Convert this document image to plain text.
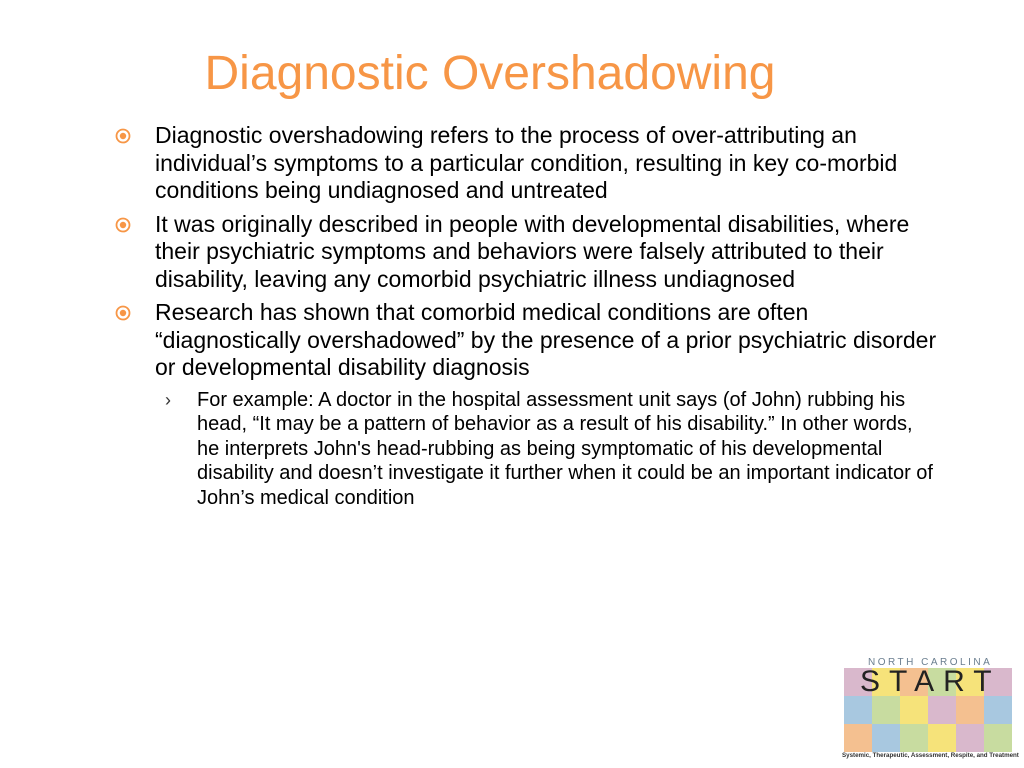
Diagnostic Overshadowing
Diagnostic overshadowing refers to the process of over-attributing an individual’s symptoms to a particular condition, resulting in key co-morbid conditions being undiagnosed and untreated
It was originally described in people with developmental disabilities, where their psychiatric symptoms and behaviors were falsely attributed to their disability, leaving any comorbid psychiatric illness undiagnosed
Research has shown that comorbid medical conditions are often “diagnostically overshadowed” by the presence of a prior psychiatric disorder or developmental disability diagnosis
› For example: A doctor in the hospital assessment unit says (of John) rubbing his head, “It may be a pattern of behavior as a result of his disability.” In other words, he interprets John's head-rubbing as being symptomatic of his developmental disability and doesn’t investigate it further when it could be an important indicator of John’s medical condition
NORTH CAROLINA
START
Systemic, Therapeutic, Assessment, Respite, and Treatment
